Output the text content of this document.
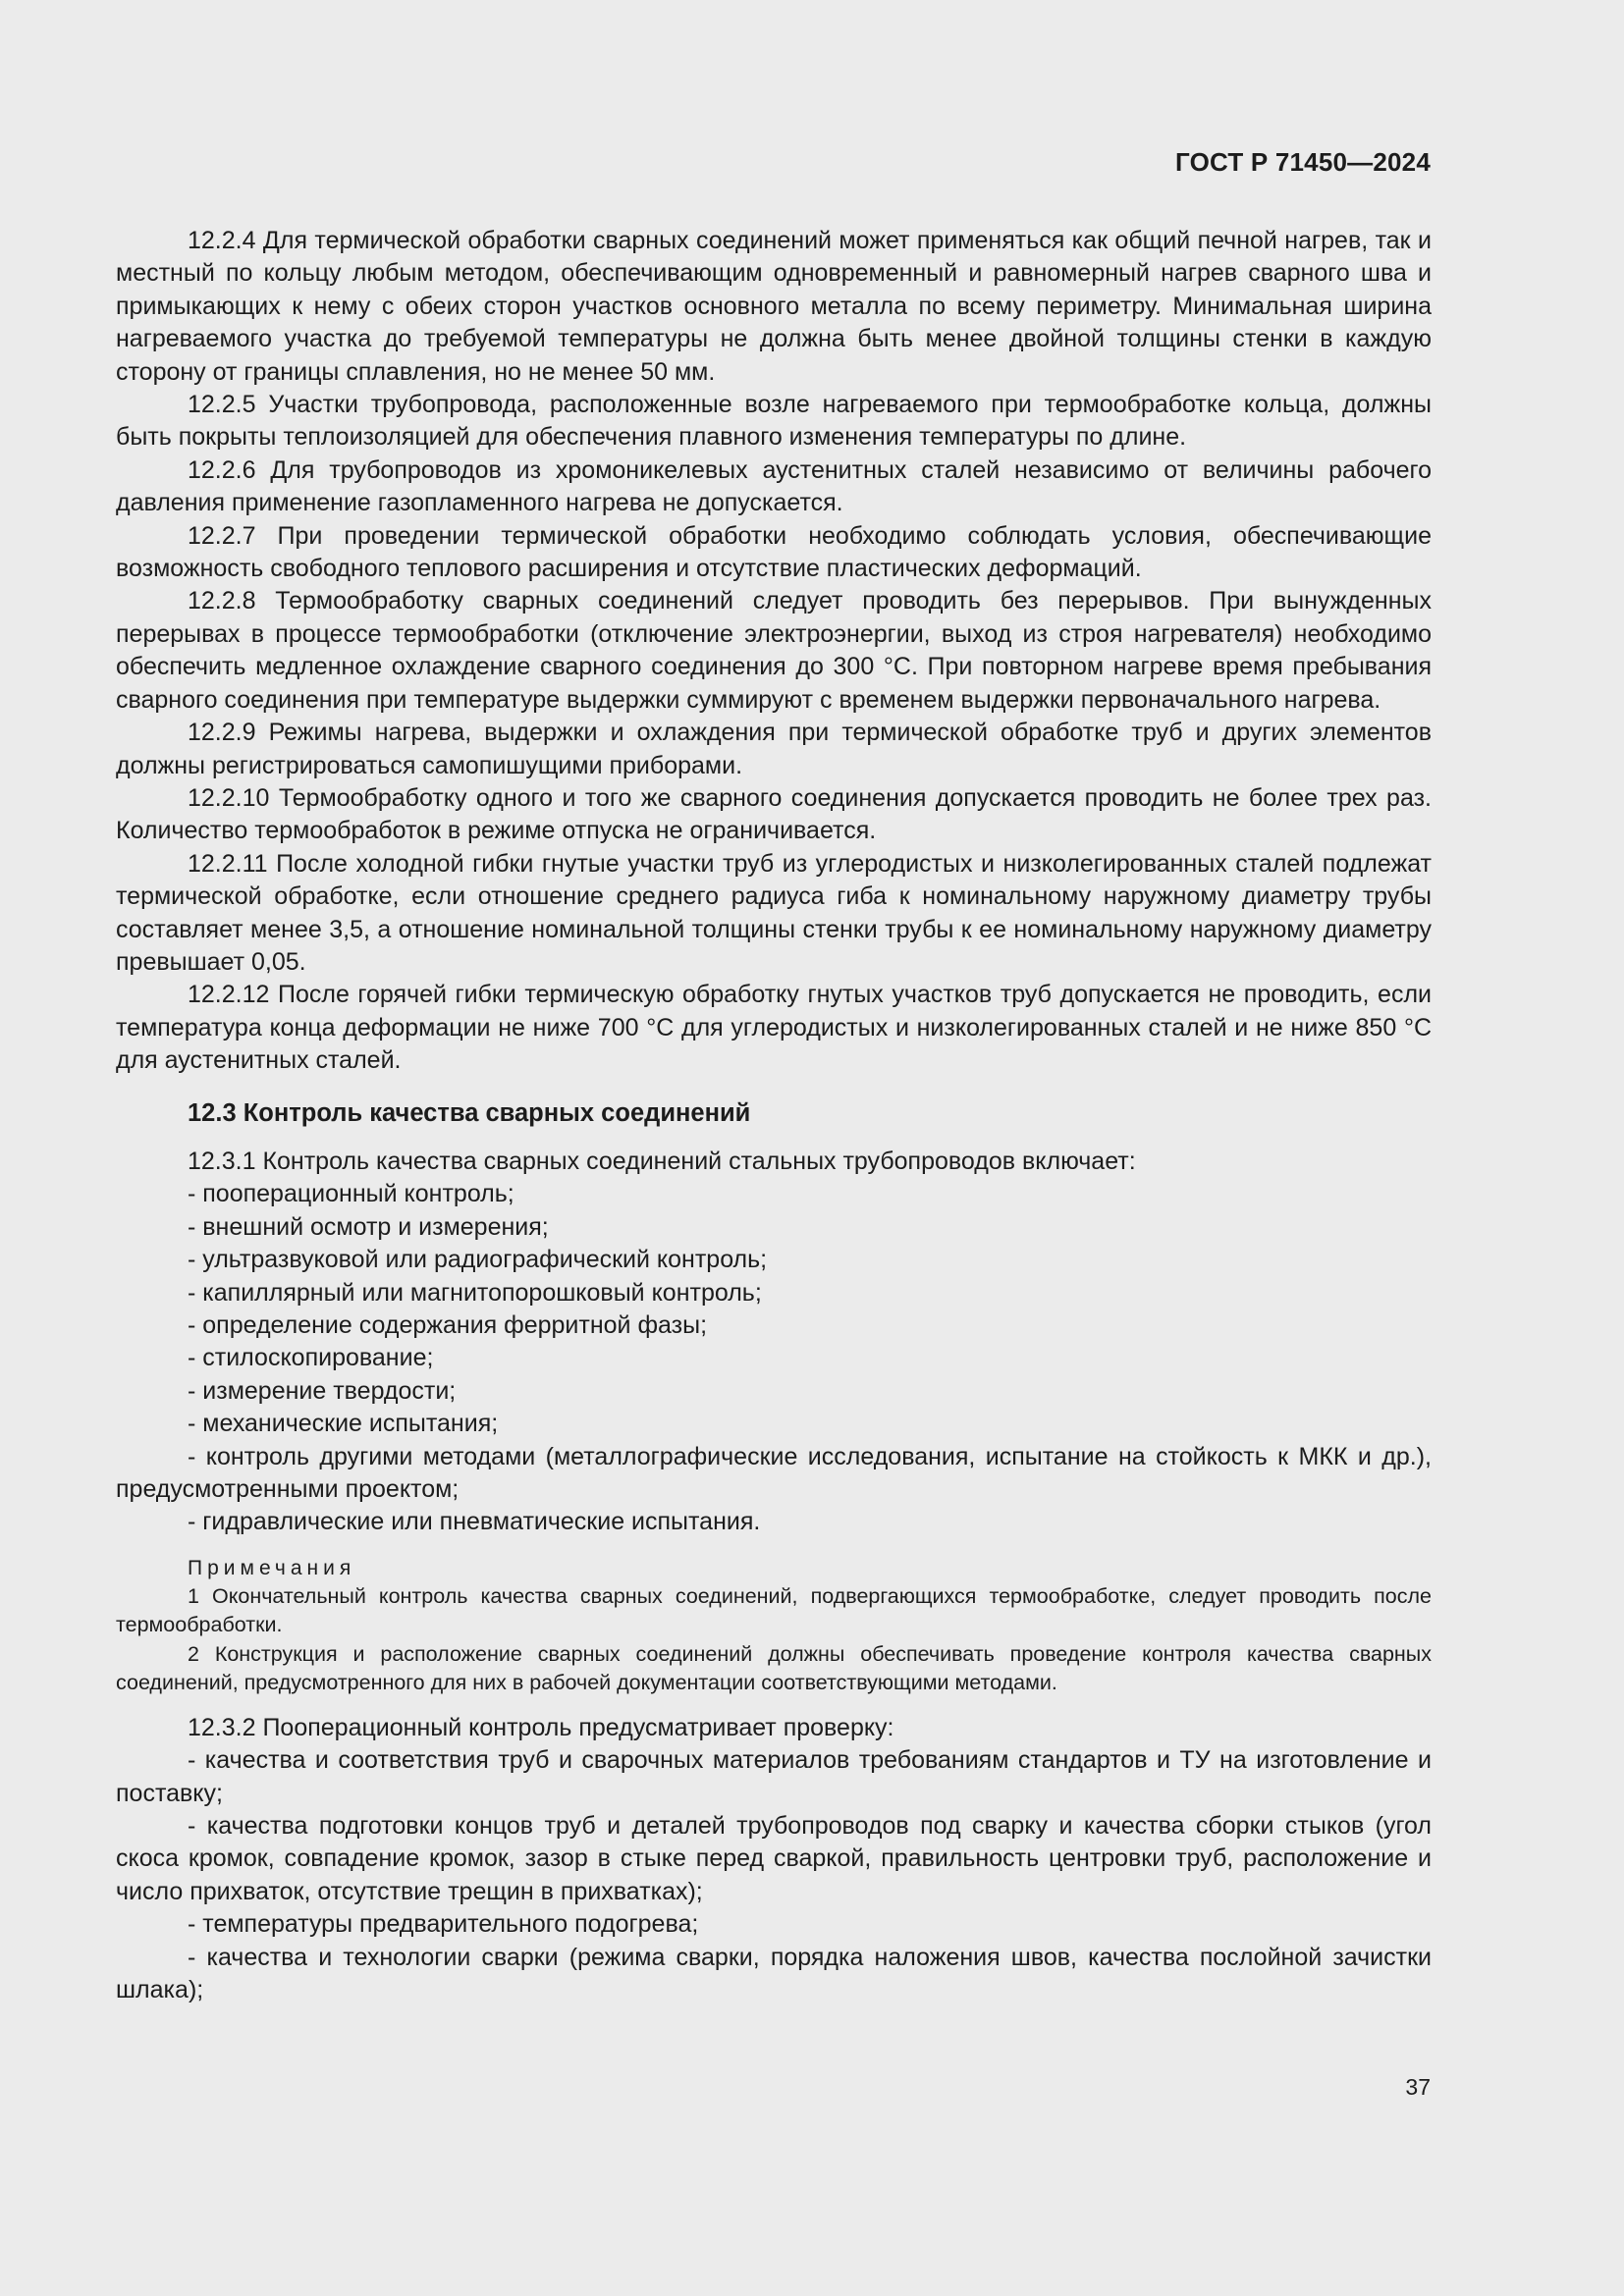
ГОСТ Р 71450—2024

12.2.4 Для термической обработки сварных соединений может применяться как общий печной нагрев, так и местный по кольцу любым методом, обеспечивающим одновременный и равномерный нагрев сварного шва и примыкающих к нему с обеих сторон участков основного металла по всему периметру. Минимальная ширина нагреваемого участка до требуемой температуры не должна быть менее двойной толщины стенки в каждую сторону от границы сплавления, но не менее 50 мм.

12.2.5 Участки трубопровода, расположенные возле нагреваемого при термообработке кольца, должны быть покрыты теплоизоляцией для обеспечения плавного изменения температуры по длине.

12.2.6 Для трубопроводов из хромоникелевых аустенитных сталей независимо от величины рабочего давления применение газопламенного нагрева не допускается.

12.2.7 При проведении термической обработки необходимо соблюдать условия, обеспечивающие возможность свободного теплового расширения и отсутствие пластических деформаций.

12.2.8 Термообработку сварных соединений следует проводить без перерывов. При вынужденных перерывах в процессе термообработки (отключение электроэнергии, выход из строя нагревателя) необходимо обеспечить медленное охлаждение сварного соединения до 300 °С. При повторном нагреве время пребывания сварного соединения при температуре выдержки суммируют с временем выдержки первоначального нагрева.

12.2.9 Режимы нагрева, выдержки и охлаждения при термической обработке труб и других элементов должны регистрироваться самопишущими приборами.

12.2.10 Термообработку одного и того же сварного соединения допускается проводить не более трех раз. Количество термообработок в режиме отпуска не ограничивается.

12.2.11 После холодной гибки гнутые участки труб из углеродистых и низколегированных сталей подлежат термической обработке, если отношение среднего радиуса гиба к номинальному наружному диаметру трубы составляет менее 3,5, а отношение номинальной толщины стенки трубы к ее номинальному наружному диаметру превышает 0,05.

12.2.12 После горячей гибки термическую обработку гнутых участков труб допускается не проводить, если температура конца деформации не ниже 700 °С для углеродистых и низколегированных сталей и не ниже 850 °С для аустенитных сталей.

12.3 Контроль качества сварных соединений

12.3.1 Контроль качества сварных соединений стальных трубопроводов включает:

- пооперационный контроль;

- внешний осмотр и измерения;

- ультразвуковой или радиографический контроль;

- капиллярный или магнитопорошковый контроль;

- определение содержания ферритной фазы;

- стилоскопирование;

- измерение твердости;

- механические испытания;

- контроль другими методами (металлографические исследования, испытание на стойкость к МКК и др.), предусмотренными проектом;

- гидравлические или пневматические испытания.

Примечания

1 Окончательный контроль качества сварных соединений, подвергающихся термообработке, следует проводить после термообработки.

2 Конструкция и расположение сварных соединений должны обеспечивать проведение контроля качества сварных соединений, предусмотренного для них в рабочей документации соответствующими методами.

12.3.2 Пооперационный контроль предусматривает проверку:

- качества и соответствия труб и сварочных материалов требованиям стандартов и ТУ на изготовление и поставку;

- качества подготовки концов труб и деталей трубопроводов под сварку и качества сборки стыков (угол скоса кромок, совпадение кромок, зазор в стыке перед сваркой, правильность центровки труб, расположение и число прихваток, отсутствие трещин в прихватках);

- температуры предварительного подогрева;

- качества и технологии сварки (режима сварки, порядка наложения швов, качества послойной зачистки шлака);

37
